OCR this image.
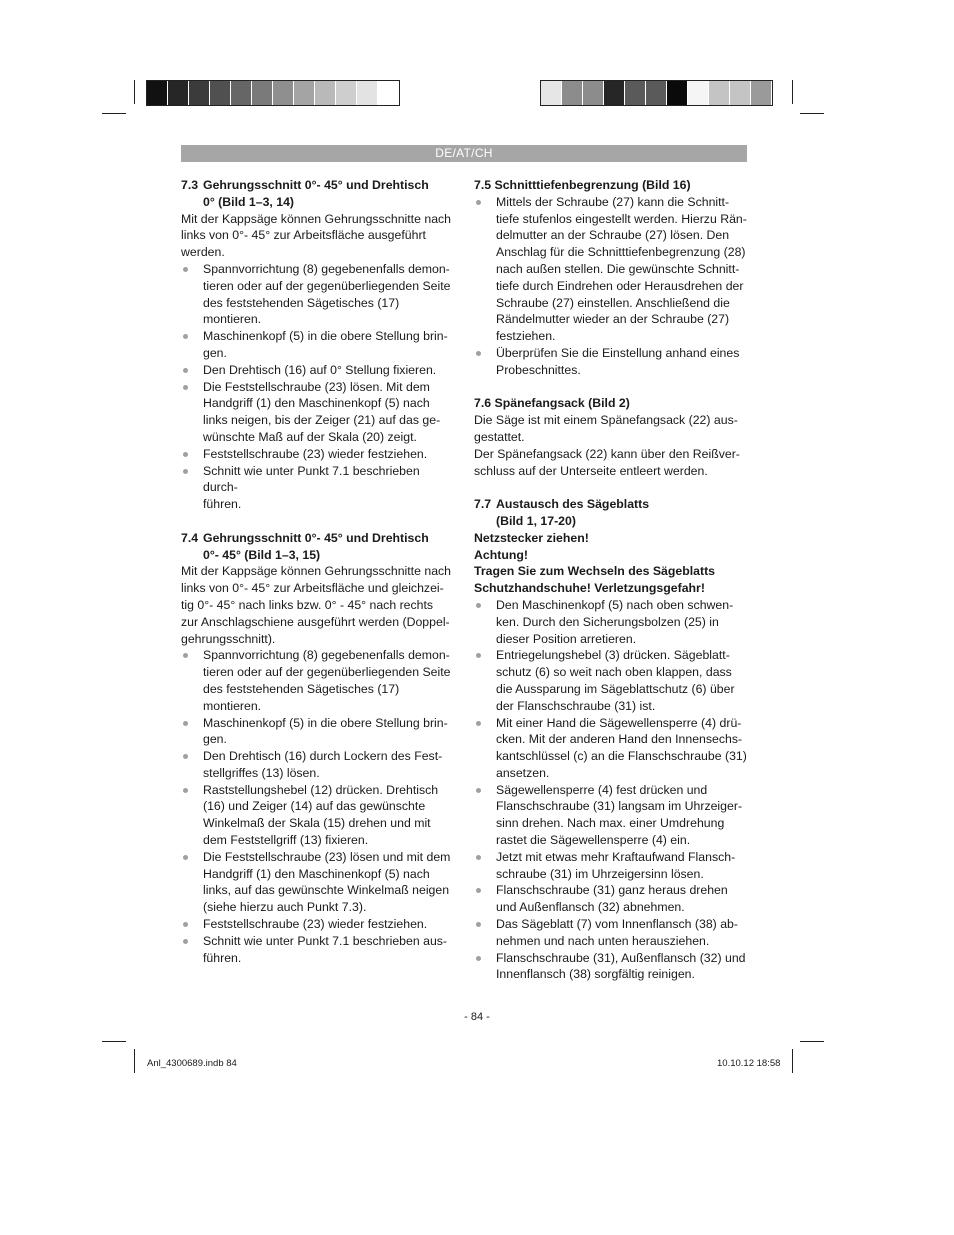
DE/AT/CH

7.3 Gehrungsschnitt 0°- 45° und Drehtisch
0° (Bild 1–3, 14)

Mit der Kappsäge können Gehrungsschnitte nach
links von 0°- 45° zur Arbeitsfläche ausgeführt
werden.
Spannvorrichtung (8) gegebenenfalls demon-
tieren oder auf der gegenüberliegenden Seite
des feststehenden Sägetisches (17) montieren.
Maschinenkopf (5) in die obere Stellung brin-
gen.
Den Drehtisch (16) auf 0° Stellung fixieren.
Die Feststellschraube (23) lösen. Mit dem
Handgriff (1) den Maschinenkopf (5) nach
links neigen, bis der Zeiger (21) auf das ge-
wünschte Maß auf der Skala (20) zeigt.
Feststellschraube (23) wieder festziehen.
Schnitt wie unter Punkt 7.1 beschrieben durch-
führen.

7.4 Gehrungsschnitt 0°- 45° und Drehtisch
0°- 45° (Bild 1–3, 15)

Mit der Kappsäge können Gehrungsschnitte nach
links von 0°- 45° zur Arbeitsfläche und gleichzei-
tig 0°- 45° nach links bzw. 0° - 45° nach rechts
zur Anschlagschiene ausgeführt werden (Doppel-
gehrungsschnitt).
Spannvorrichtung (8) gegebenenfalls demon-
tieren oder auf der gegenüberliegenden Seite
des feststehenden Sägetisches (17) montieren.
Maschinenkopf (5) in die obere Stellung brin-
gen.
Den Drehtisch (16) durch Lockern des Fest-
stellgriffes (13) lösen.
Raststellungshebel (12) drücken. Drehtisch
(16) und Zeiger (14) auf das gewünschte
Winkelmaß der Skala (15) drehen und mit
dem Feststellgriff (13) fixieren.
Die Feststellschraube (23) lösen und mit dem
Handgriff (1) den Maschinenkopf (5) nach
links, auf das gewünschte Winkelmaß neigen
(siehe hierzu auch Punkt 7.3).
Feststellschraube (23) wieder festziehen.
Schnitt wie unter Punkt 7.1 beschrieben aus-
führen.

7.5 Schnitttiefenbegrenzung (Bild 16)

Mittels der Schraube (27) kann die Schnitt-
tiefe stufenlos eingestellt werden. Hierzu Rän-
delmutter an der Schraube (27) lösen. Den
Anschlag für die Schnitttiefenbegrenzung (28)
nach außen stellen. Die gewünschte Schnitt-
tiefe durch Eindrehen oder Herausdrehen der
Schraube (27) einstellen. Anschließend die
Rändelmutter wieder an der Schraube (27)
festziehen.
Überprüfen Sie die Einstellung anhand eines
Probeschnittes.

7.6 Spänefangsack (Bild 2)

Die Säge ist mit einem Spänefangsack (22) aus-
gestattet.
Der Spänefangsack (22) kann über den Reißver-
schluss auf der Unterseite entleert werden.

7.7 Austausch des Sägeblatts
(Bild 1, 17-20)

Netzstecker ziehen!
Achtung!
Tragen Sie zum Wechseln des Sägeblatts
Schutzhandschuhe! Verletzungsgefahr!
Den Maschinenkopf (5) nach oben schwen-
ken. Durch den Sicherungsbolzen (25) in
dieser Position arretieren.
Entriegelungshebel (3) drücken. Sägeblatt-
schutz (6) so weit nach oben klappen, dass
die Aussparung im Sägeblattschutz (6) über
der Flanschschraube (31) ist.
Mit einer Hand die Sägewellensperre (4) drü-
cken. Mit der anderen Hand den Innensechs-
kantschlüssel (c) an die Flanschschraube (31)
ansetzen.
Sägewellensperre (4) fest drücken und
Flanschschraube (31) langsam im Uhrzeiger-
sinn drehen. Nach max. einer Umdrehung
rastet die Sägewellensperre (4) ein.
Jetzt mit etwas mehr Kraftaufwand Flansch-
schraube (31) im Uhrzeigersinn lösen.
Flanschschraube (31) ganz heraus drehen
und Außenflansch (32) abnehmen.
Das Sägeblatt (7) vom Innenflansch (38) ab-
nehmen und nach unten herausziehen.
Flanschschraube (31), Außenflansch (32) und
Innenflansch (38) sorgfältig reinigen.
- 84 -
Anl_4300689.indb 84	10.10.12 18:58
